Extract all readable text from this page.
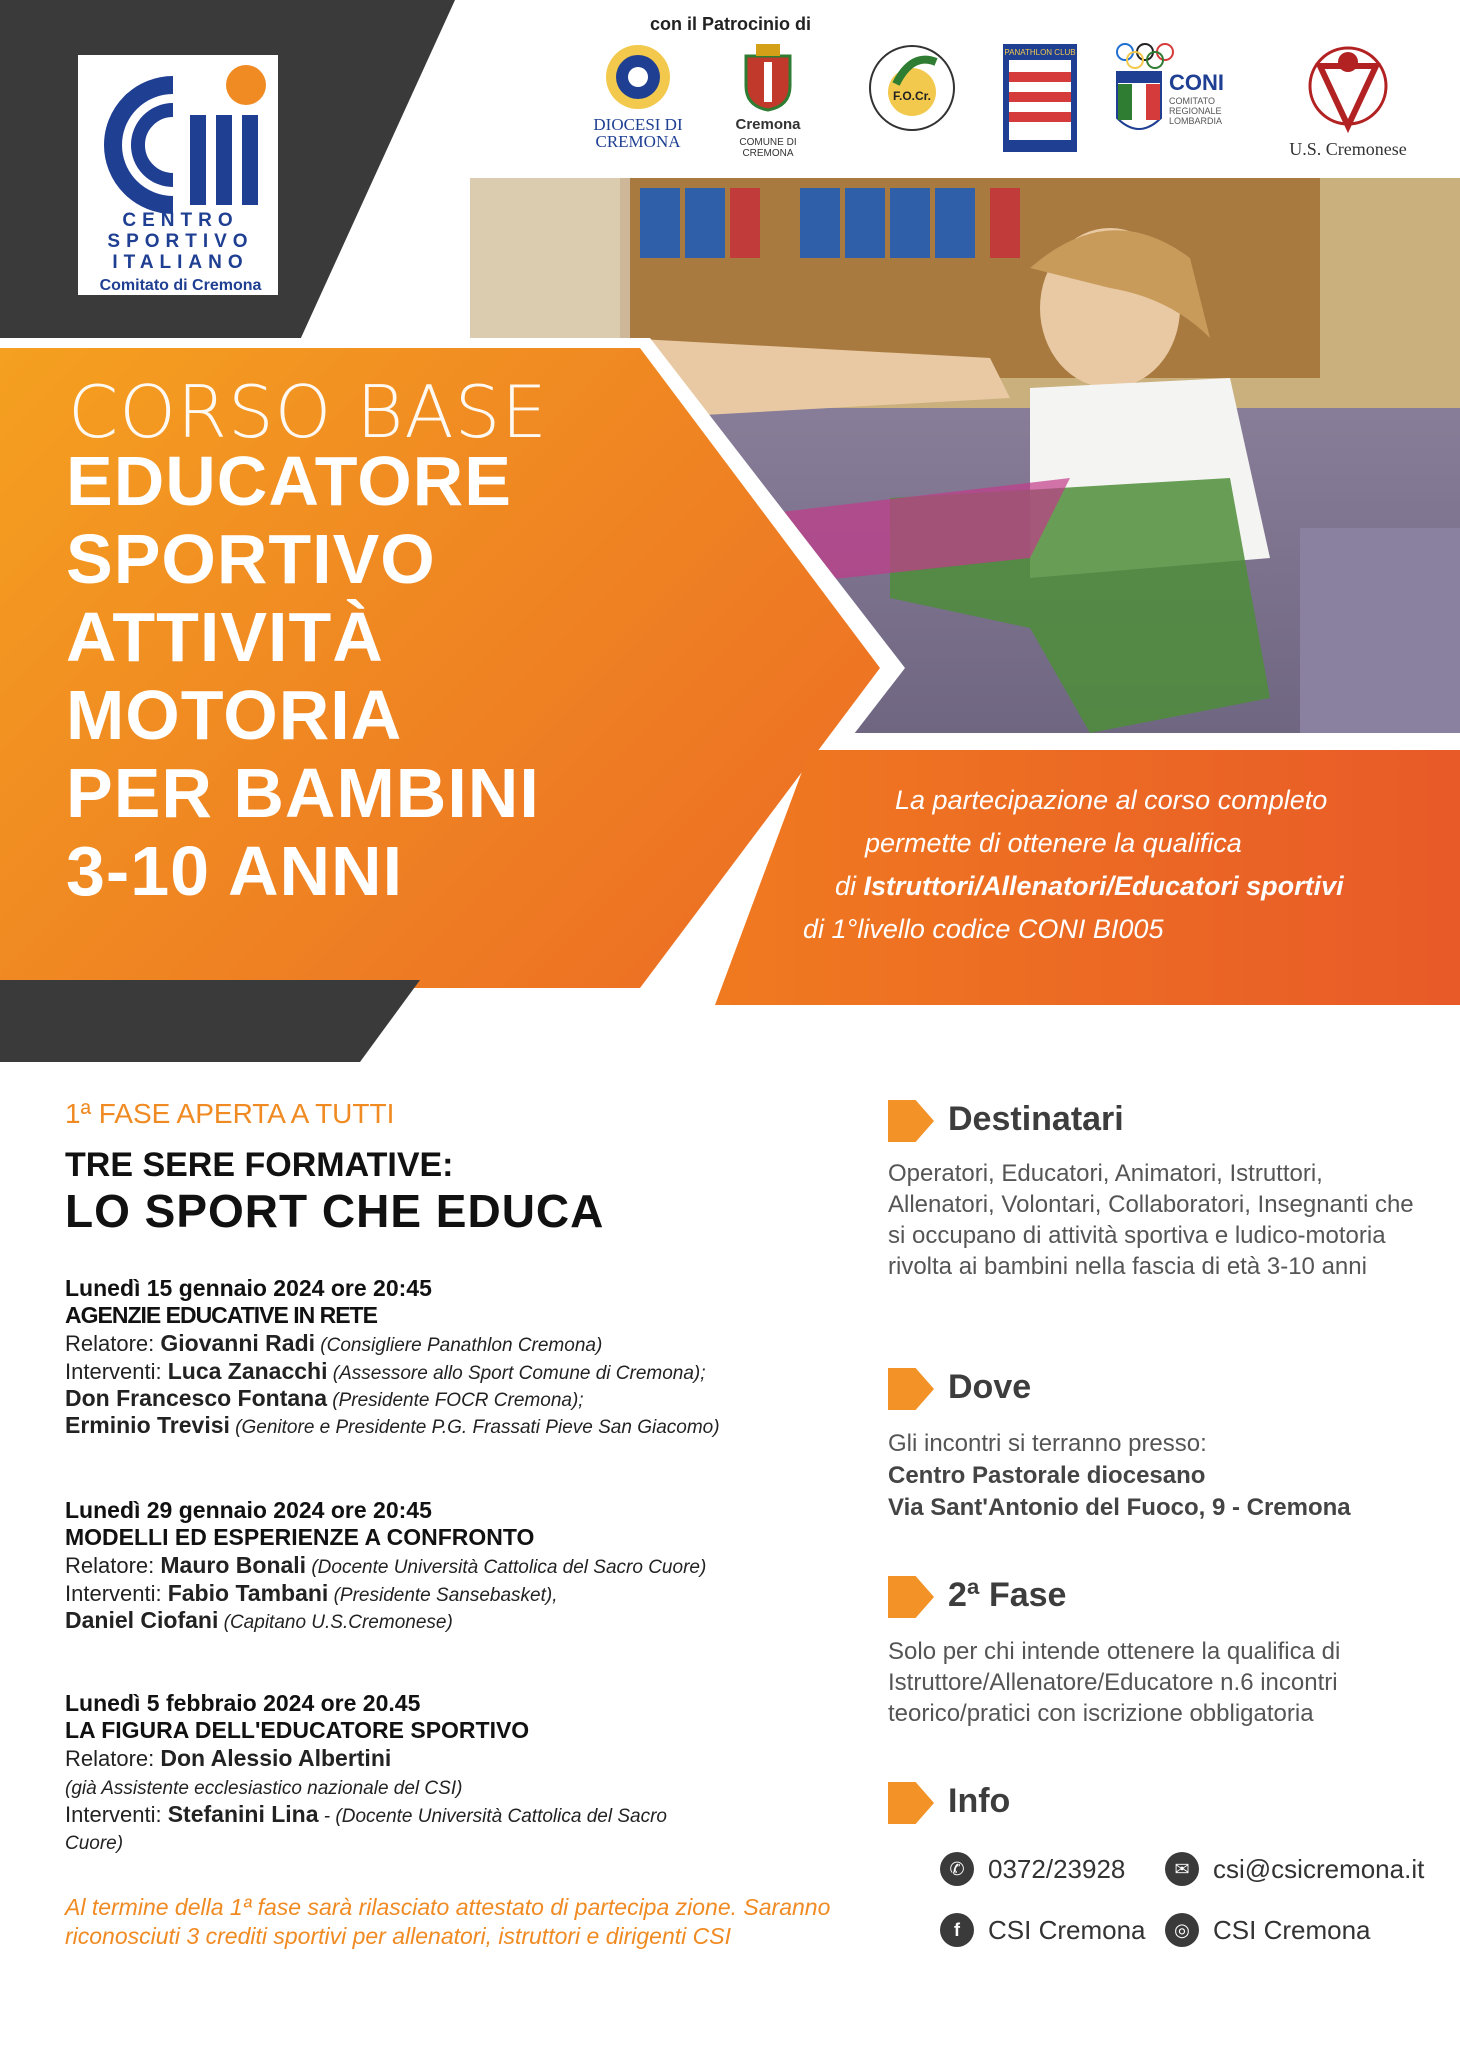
CENTRO
SPORTIVO
ITALIANO
Comitato di Cremona
con il Patrocinio di
DIOCESI DI CREMONA
Cremona
COMUNE DI CREMONA
F.O.Cr.
PANATHLON CLUB
CONI
COMITATO REGIONALE LOMBARDIA
U.S. Cremonese
CORSO BASE
EDUCATORE
SPORTIVO
ATTIVITÀ
MOTORIA
PER BAMBINI
3-10 ANNI
La partecipazione al corso completo
permette di ottenere la qualifica
di Istruttori/Allenatori/Educatori sportivi
di 1°livello codice CONI BI005
1ª FASE APERTA A TUTTI
TRE SERE FORMATIVE:
LO SPORT CHE EDUCA
Lunedì 15 gennaio 2024 ore 20:45
AGENZIE EDUCATIVE IN RETE
Relatore: Giovanni Radi (Consigliere Panathlon Cremona)
Interventi: Luca Zanacchi (Assessore allo Sport Comune di Cremona);
Don Francesco Fontana (Presidente FOCR Cremona);
Erminio Trevisi (Genitore e Presidente P.G. Frassati Pieve San Giacomo)
Lunedì 29 gennaio 2024 ore 20:45
MODELLI ED ESPERIENZE A CONFRONTO
Relatore: Mauro Bonali (Docente Università Cattolica del Sacro Cuore)
Interventi: Fabio Tambani (Presidente Sansebasket),
Daniel Ciofani (Capitano U.S.Cremonese)
Lunedì 5 febbraio 2024 ore 20.45
LA FIGURA DELL'EDUCATORE SPORTIVO
Relatore: Don Alessio Albertini
(già Assistente ecclesiastico nazionale del CSI)
Interventi: Stefanini Lina - (Docente Università Cattolica del Sacro
Cuore)
Al termine della 1ª fase sarà rilasciato attestato di partecipa zione. Saranno riconosciuti 3 crediti sportivi per allenatori, istruttori e dirigenti CSI
Destinatari
Operatori, Educatori, Animatori, Istruttori, Allenatori, Volontari, Collaboratori, Insegnanti che si occupano di attività sportiva e ludico-motoria rivolta ai bambini nella fascia di età 3-10 anni
Dove
Gli incontri si terranno presso:
Centro Pastorale diocesano
Via Sant'Antonio del Fuoco, 9 - Cremona
2ª Fase
Solo per chi intende ottenere la qualifica di Istruttore/Allenatore/Educatore n.6 incontri teorico/pratici con iscrizione obbligatoria
Info
✆ 0372/23928	✉ csi@csicremona.it
f	CSI Cremona	◎ CSI Cremona
